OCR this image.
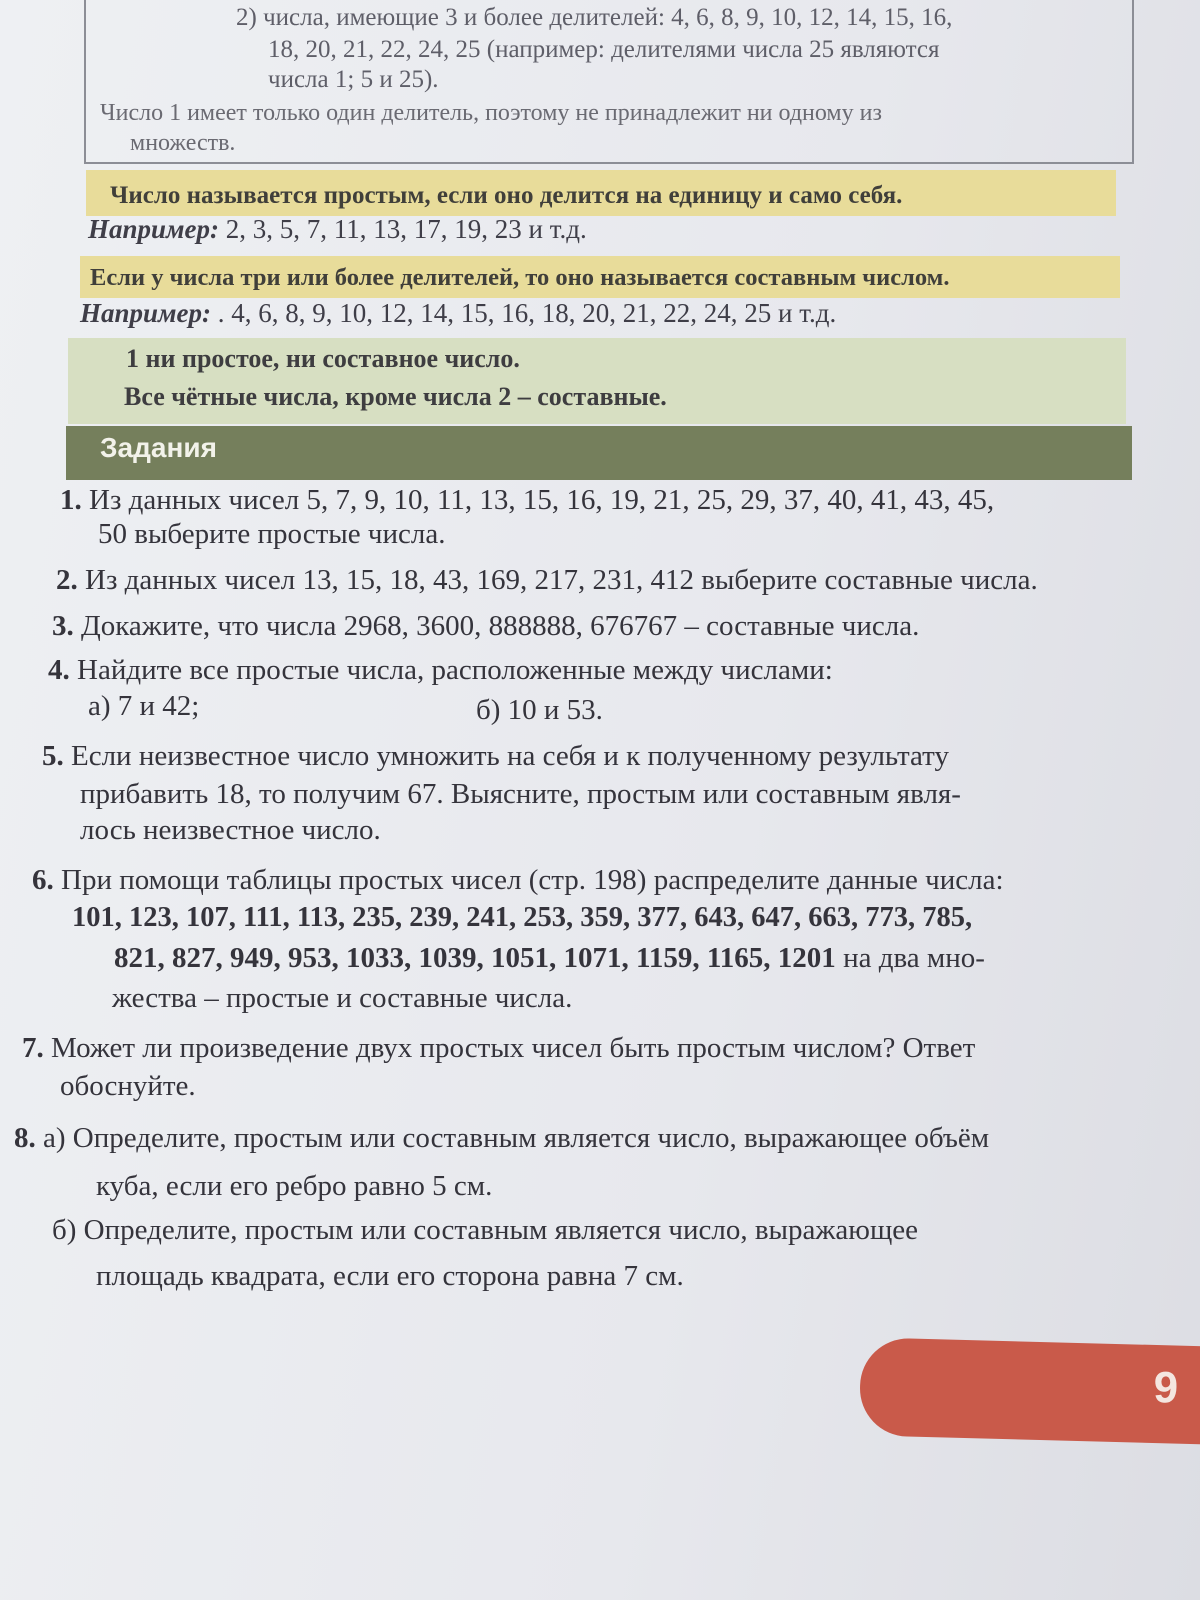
2) числа, имеющие 3 и более делителей: 4, 6, 8, 9, 10, 12, 14, 15, 16,
18, 20, 21, 22, 24, 25 (например: делителями числа 25 являются
числа 1; 5 и 25).
Число 1 имеет только один делитель, поэтому не принадлежит ни одному из
множеств.
Число называется простым, если оно делится на единицу и само себя.
Например: 2, 3, 5, 7, 11, 13, 17, 19, 23 и т.д.
Если у числа три или более делителей, то оно называется составным числом.
Например: . 4, 6, 8, 9, 10, 12, 14, 15, 16, 18, 20, 21, 22, 24, 25 и т.д.
1 ни простое, ни составное число.
Все чётные числа, кроме числа 2 – составные.
Задания
1. Из данных чисел 5, 7, 9, 10, 11, 13, 15, 16, 19, 21, 25, 29, 37, 40, 41, 43, 45,
50 выберите простые числа.
2. Из данных чисел 13, 15, 18, 43, 169, 217, 231, 412 выберите составные числа.
3. Докажите, что числа 2968, 3600, 888888, 676767 – составные числа.
4. Найдите все простые числа, расположенные между числами:
а) 7 и 42;	б) 10 и 53.
5. Если неизвестное число умножить на себя и к полученному результату
прибавить 18, то получим 67. Выясните, простым или составным явля-
лось неизвестное число.
6. При помощи таблицы простых чисел (стр. 198) распределите данные числа:
101, 123, 107, 111, 113, 235, 239, 241, 253, 359, 377, 643, 647, 663, 773, 785,
821, 827, 949, 953, 1033, 1039, 1051, 1071, 1159, 1165, 1201 на два мно-
жества – простые и составные числа.
7. Может ли произведение двух простых чисел быть простым числом? Ответ
обоснуйте.
8. а) Определите, простым или составным является число, выражающее объём
куба, если его ребро равно 5 см.
б) Определите, простым или составным является число, выражающее
площадь квадрата, если его сторона равна 7 см.
9
